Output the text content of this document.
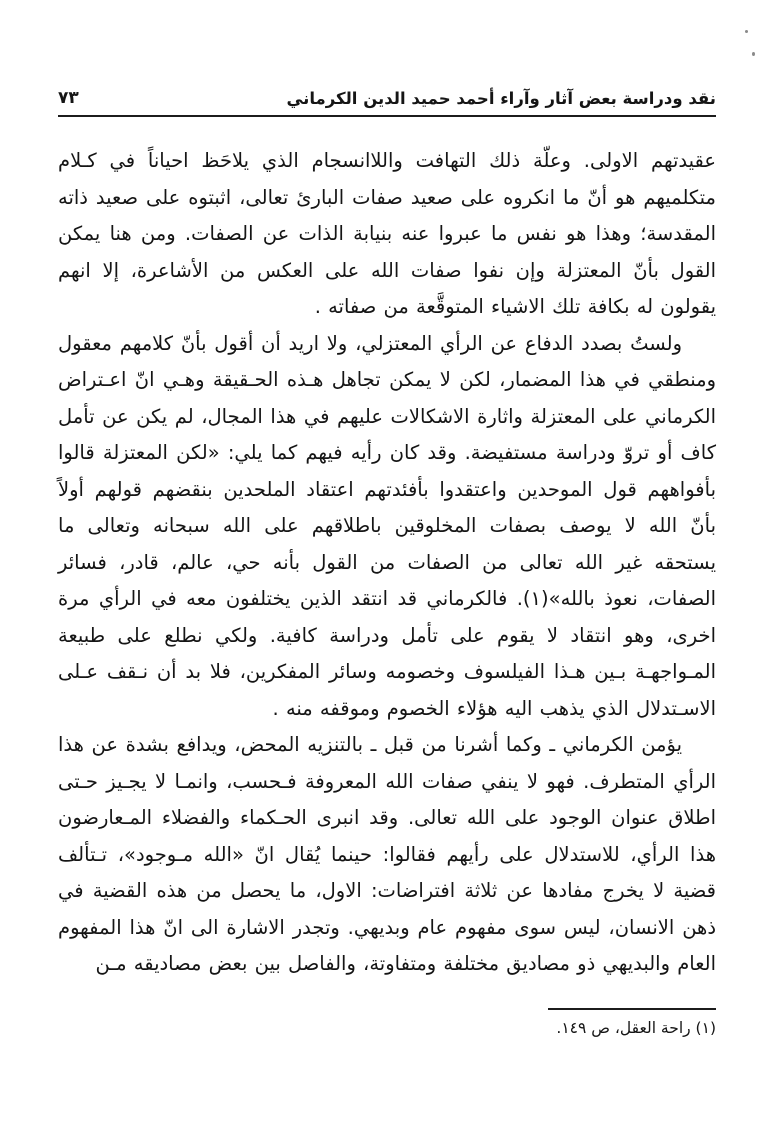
نقد ودراسة بعض آثار وآراء أحمد حميد الدين الكرماني
٧٣

عقيدتهم الاولى. وعلّة ذلك التهافت واللاانسجام الذي يلاحَظ احياناً في كـلام متكلميهم هو أنّ ما انكروه على صعيد صفات البارئ تعالى، اثبتوه على صعيد ذاته المقدسة؛ وهذا هو نفس ما عبروا عنه بنيابة الذات عن الصفات. ومن هنا يمكن القول بأنّ المعتزلة وإن نفوا صفات الله على العكس من الأشاعرة، إلا انهم يقولون له بكافة تلك الاشياء المتوقَّعة من صفاته .

ولستُ بصدد الدفاع عن الرأي المعتزلي، ولا اريد أن أقول بأنّ كلامهم معقول ومنطقي في هذا المضمار، لكن لا يمكن تجاهل هـذه الحـقيقة وهـي انّ اعـتراض الكرماني على المعتزلة واثارة الاشكالات عليهم في هذا المجال، لم يكن عن تأمل كاف أو تروّ ودراسة مستفيضة. وقد كان رأيه فيهم كما يلي: «لكن المعتزلة قالوا بأفواههم قول الموحدين واعتقدوا بأفئدتهم اعتقاد الملحدين بنقضهم قولهم أولاً بأنّ الله لا يوصف بصفات المخلوقين باطلاقهم على الله سبحانه وتعالى ما يستحقه غير الله تعالى من الصفات من القول بأنه حي، عالم، قادر، فسائر الصفات، نعوذ بالله»(١). فالكرماني قد انتقد الذين يختلفون معه في الرأي مرة اخرى، وهو انتقاد لا يقوم على تأمل ودراسة كافية. ولكي نطلع على طبيعة المـواجهـة بـين هـذا الفيلسوف وخصومه وسائر المفكرين، فلا بد أن نـقف عـلى الاسـتدلال الذي يذهب اليه هؤلاء الخصوم وموقفه منه .

يؤمن الكرماني ـ وكما أشرنا من قبل ـ بالتنزيه المحض، ويدافع بشدة عن هذا الرأي المتطرف. فهو لا ينفي صفات الله المعروفة فـحسب، وانمـا لا يجـيز حـتى اطلاق عنوان الوجود على الله تعالى. وقد انبرى الحـكماء والفضلاء المـعارضون هذا الرأي، للاستدلال على رأيهم فقالوا: حينما يُقال انّ «الله مـوجود»، تـتألف قضية لا يخرج مفادها عن ثلاثة افتراضات: الاول، ما يحصل من هذه القضية في ذهن الانسان، ليس سوى مفهوم عام وبديهي. وتجدر الاشارة الى انّ هذا المفهوم العام والبديهي ذو مصاديق مختلفة ومتفاوتة، والفاصل بين بعض مصاديقه مـن

(١) راحة العقل، ص ١٤٩.
